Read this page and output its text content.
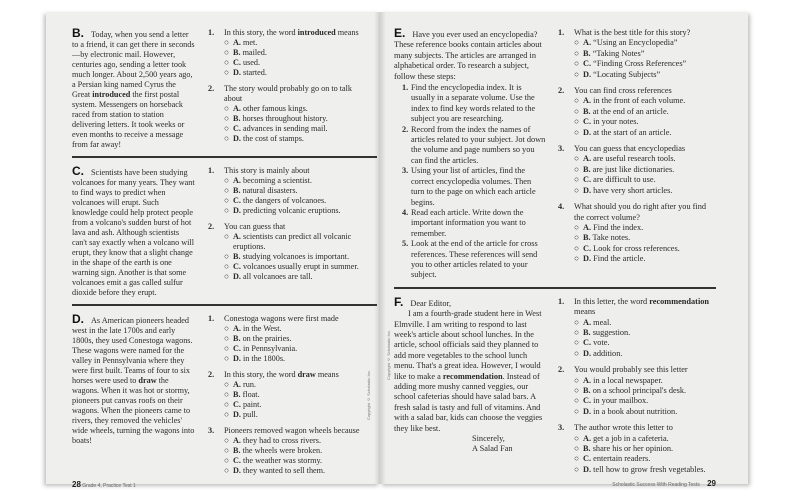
B. Today, when you send a letter to a friend, it can get there in seconds—by electronic mail. However, centuries ago, sending a letter took much longer. About 2,500 years ago, a Persian king named Cyrus the Great introduced the first postal system. Messengers on horseback raced from station to station delivering letters. It took weeks or even months to receive a message from far away!
1.	In this story, the word introduced means
○ A. met.
○ B. mailed.
○ C. used.
○ D. started.
2.	The story would probably go on to talk about
○ A. other famous kings.
○ B. horses throughout history.
○ C. advances in sending mail.
○ D. the cost of stamps.
C. Scientists have been studying volcanoes for many years. They want to find ways to predict when volcanoes will erupt. Such knowledge could help protect people from a volcano's sudden burst of hot lava and ash. Although scientists can't say exactly when a volcano will erupt, they know that a slight change in the shape of the earth is one warning sign. Another is that some volcanoes emit a gas called sulfur dioxide before they erupt.
1.	This story is mainly about
○ A. becoming a scientist.
○ B. natural disasters.
○ C. the dangers of volcanoes.
○ D. predicting volcanic eruptions.
2.	You can guess that
○ A. scientists can predict all volcanic eruptions.
○ B. studying volcanoes is important.
○ C. volcanoes usually erupt in summer.
○ D. all volcanoes are tall.
D. As American pioneers headed west in the late 1700s and early 1800s, they used Conestoga wagons. These wagons were named for the valley in Pennsylvania where they were first built. Teams of four to six horses were used to draw the wagons. When it was hot or stormy, pioneers put canvas roofs on their wagons. When the pioneers came to rivers, they removed the vehicles' wide wheels, turning the wagons into boats!
1.	Conestoga wagons were first made
○ A. in the West.
○ B. on the prairies.
○ C. in Pennsylvania.
○ D. in the 1800s.
2.	In this story, the word draw means
○ A. run.
○ B. float.
○ C. paint.
○ D. pull.
3.	Pioneers removed wagon wheels because
○ A. they had to cross rivers.
○ B. the wheels were broken.
○ C. the weather was stormy.
○ D. they wanted to sell them.
28 Grade 4, Practice Test 1
Copyright © Scholastic Inc.
E. Have you ever used an encyclopedia? These reference books contain articles about many subjects. The articles are arranged in alphabetical order. To research a subject, follow these steps:
1. Find the encyclopedia index. It is usually in a separate volume. Use the index to find key words related to the subject you are researching.
2. Record from the index the names of articles related to your subject. Jot down the volume and page numbers so you can find the articles.
3. Using your list of articles, find the correct encyclopedia volumes. Then turn to the page on which each article begins.
4. Read each article. Write down the important information you want to remember.
5. Look at the end of the article for cross references. These references will send you to other articles related to your subject.
1.	What is the best title for this story?
○ A. “Using an Encyclopedia”
○ B. “Taking Notes”
○ C. “Finding Cross References”
○ D. “Locating Subjects”
2.	You can find cross references
○ A. in the front of each volume.
○ B. at the end of an article.
○ C. in your notes.
○ D. at the start of an article.
3.	You can guess that encyclopedias
○ A. are useful research tools.
○ B. are just like dictionaries.
○ C. are difficult to use.
○ D. have very short articles.
4.	What should you do right after you find the correct volume?
○ A. Find the index.
○ B. Take notes.
○ C. Look for cross references.
○ D. Find the article.
F. Dear Editor,
I am a fourth-grade student here in West Elmville. I am writing to respond to last week's article about school lunches. In the article, school officials said they planned to add more vegetables to the school lunch menu. That's a great idea. However, I would like to make a recommendation. Instead of adding more mushy canned veggies, our school cafeterias should have salad bars. A fresh salad is tasty and full of vitamins. And with a salad bar, kids can choose the veggies they like best.
Sincerely,
A Salad Fan
1.	In this letter, the word recommendation means
○ A. meal.
○ B. suggestion.
○ C. vote.
○ D. addition.
2.	You would probably see this letter
○ A. in a local newspaper.
○ B. on a school principal's desk.
○ C. in your mailbox.
○ D. in a book about nutrition.
3.	The author wrote this letter to
○ A. get a job in a cafeteria.
○ B. share his or her opinion.
○ C. entertain readers.
○ D. tell how to grow fresh vegetables.
Scholastic Success With Reading Tests 29
Copyright © Scholastic Inc.
